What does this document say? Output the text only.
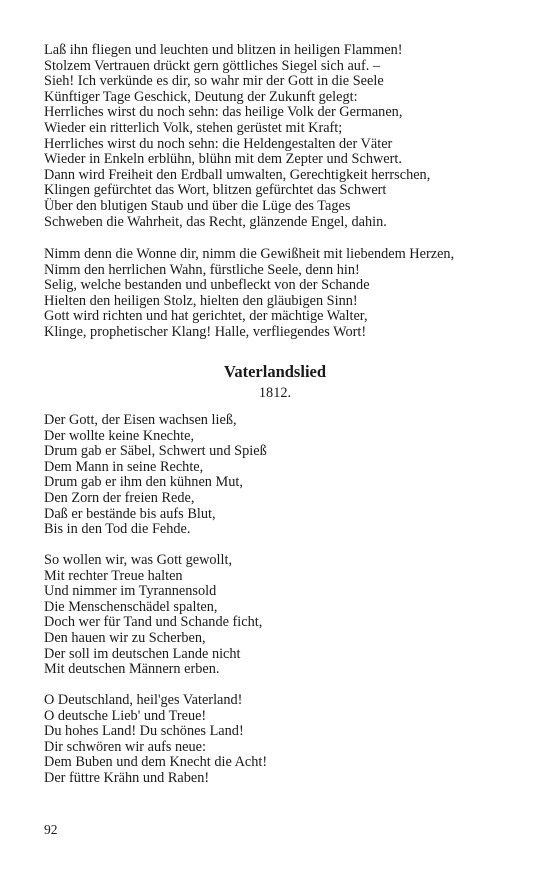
Laß ihn fliegen und leuchten und blitzen in heiligen Flammen!
Stolzem Vertrauen drückt gern göttliches Siegel sich auf. –
Sieh! Ich verkünde es dir, so wahr mir der Gott in die Seele
Künftiger Tage Geschick, Deutung der Zukunft gelegt:
Herrliches wirst du noch sehn: das heilige Volk der Germanen,
Wieder ein ritterlich Volk, stehen gerüstet mit Kraft;
Herrliches wirst du noch sehn: die Heldengestalten der Väter
Wieder in Enkeln erblühn, blühn mit dem Zepter und Schwert.
Dann wird Freiheit den Erdball umwalten, Gerechtigkeit herrschen,
Klingen gefürchtet das Wort, blitzen gefürchtet das Schwert
Über den blutigen Staub und über die Lüge des Tages
Schweben die Wahrheit, das Recht, glänzende Engel, dahin.
Nimm denn die Wonne dir, nimm die Gewißheit mit liebendem Herzen,
Nimm den herrlichen Wahn, fürstliche Seele, denn hin!
Selig, welche bestanden und unbefleckt von der Schande
Hielten den heiligen Stolz, hielten den gläubigen Sinn!
Gott wird richten und hat gerichtet, der mächtige Walter,
Klinge, prophetischer Klang! Halle, verfliegendes Wort!
Vaterlandslied
1812.
Der Gott, der Eisen wachsen ließ,
Der wollte keine Knechte,
Drum gab er Säbel, Schwert und Spieß
Dem Mann in seine Rechte,
Drum gab er ihm den kühnen Mut,
Den Zorn der freien Rede,
Daß er bestände bis aufs Blut,
Bis in den Tod die Fehde.
So wollen wir, was Gott gewollt,
Mit rechter Treue halten
Und nimmer im Tyrannensold
Die Menschenschädel spalten,
Doch wer für Tand und Schande ficht,
Den hauen wir zu Scherben,
Der soll im deutschen Lande nicht
Mit deutschen Männern erben.
O Deutschland, heil'ges Vaterland!
O deutsche Lieb' und Treue!
Du hohes Land! Du schönes Land!
Dir schwören wir aufs neue:
Dem Buben und dem Knecht die Acht!
Der füttre Krähn und Raben!
92
